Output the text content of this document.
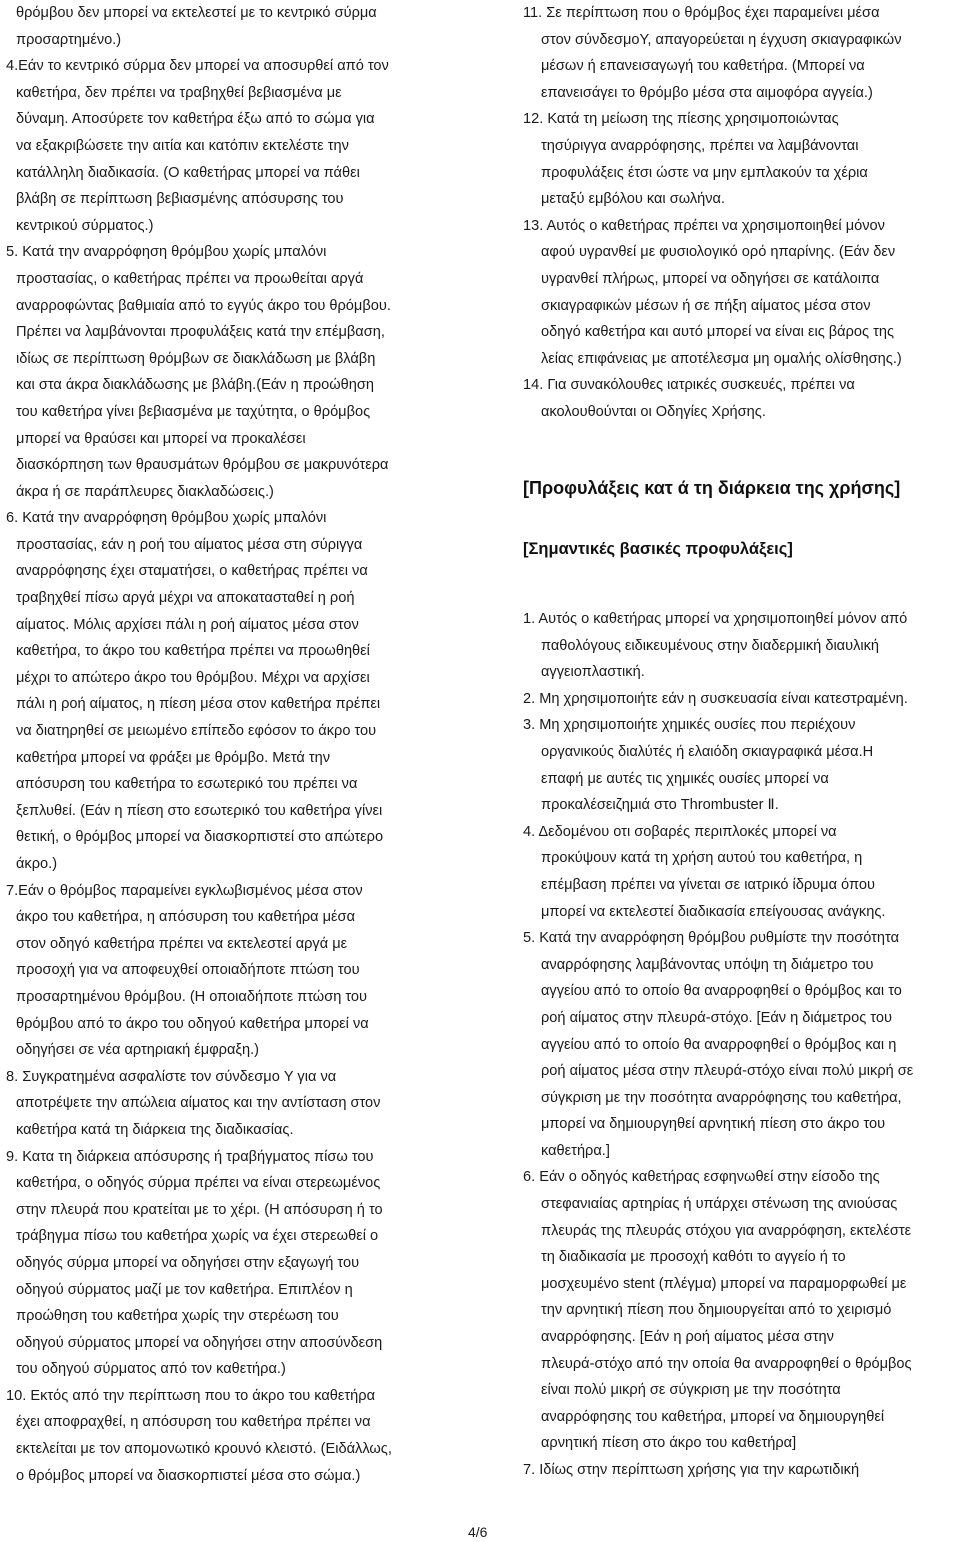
θρόμβου δεν μπορεί να εκτελεστεί με το κεντρικό σύρμα
προσαρτημένο.)
4.Εάν το κεντρικό σύρμα δεν μπορεί να αποσυρθεί από τον
καθετήρα, δεν πρέπει να τραβηχθεί βεβιασμένα με
δύναμη. Αποσύρετε τον καθετήρα έξω από το σώμα για
να εξακριβώσετε την αιτία και κατόπιν εκτελέστε την
κατάλληλη διαδικασία. (Ο καθετήρας μπορεί να πάθει
βλάβη σε περίπτωση βεβιασμένης απόσυρσης του
κεντρικού σύρματος.)
5. Κατά την αναρρόφηση θρόμβου χωρίς μπαλόνι
προστασίας, ο καθετήρας πρέπει να προωθείται αργά
αναρροφώντας βαθμιαία από το εγγύς άκρο του θρόμβου.
Πρέπει να λαμβάνονται προφυλάξεις κατά την επέμβαση,
ιδίως σε περίπτωση θρόμβων σε διακλάδωση με βλάβη
και στα άκρα διακλάδωσης με βλάβη.(Εάν η προώθηση
του καθετήρα γίνει βεβιασμένα με ταχύτητα, ο θρόμβος
μπορεί να θραύσει και μπορεί να προκαλέσει
διασκόρπηση των θραυσμάτων θρόμβου σε μακρυνότερα
άκρα ή σε παράπλευρες διακλαδώσεις.)
6. Κατά την αναρρόφηση θρόμβου χωρίς μπαλόνι
προστασίας, εάν η ροή του αίματος μέσα στη σύριγγα
αναρρόφησης έχει σταματήσει, ο καθετήρας πρέπει να
τραβηχθεί πίσω αργά μέχρι να αποκατασταθεί η ροή
αίματος. Μόλις αρχίσει πάλι η ροή αίματος μέσα στον
καθετήρα, το άκρο του καθετήρα πρέπει να προωθηθεί
μέχρι το απώτερο άκρο του θρόμβου. Μέχρι να αρχίσει
πάλι η ροή αίματος, η πίεση μέσα στον καθετήρα πρέπει
να διατηρηθεί σε μειωμένο επίπεδο εφόσον το άκρο του
καθετήρα μπορεί να φράξει με θρόμβο. Μετά την
απόσυρση του καθετήρα το εσωτερικό του πρέπει να
ξεπλυθεί. (Εάν η πίεση στο εσωτερικό του καθετήρα γίνει
θετική, ο θρόμβος μπορεί να διασκορπιστεί στο απώτερο
άκρο.)
7.Εάν ο θρόμβος παραμείνει εγκλωβισμένος μέσα στον
άκρο του καθετήρα, η απόσυρση του καθετήρα μέσα
στον οδηγό καθετήρα πρέπει να εκτελεστεί αργά με
προσοχή για να αποφευχθεί οποιαδήποτε πτώση του
προσαρτημένου θρόμβου. (Η οποιαδήποτε πτώση του
θρόμβου από το άκρο του οδηγού καθετήρα μπορεί να
οδηγήσει σε νέα αρτηριακή έμφραξη.)
8. Συγκρατημένα ασφαλίστε τον σύνδεσμο Y για να
αποτρέψετε την απώλεια αίματος και την αντίσταση στον
καθετήρα κατά τη διάρκεια της διαδικασίας.
9. Κατα τη διάρκεια απόσυρσης ή τραβήγματος πίσω του
καθετήρα, ο οδηγός σύρμα πρέπει να είναι στερεωμένος
στην πλευρά που κρατείται με το χέρι. (Η απόσυρση ή το
τράβηγμα πίσω του καθετήρα χωρίς να έχει στερεωθεί ο
οδηγός σύρμα μπορεί να οδηγήσει στην εξαγωγή του
οδηγού σύρματος μαζί με τον καθετήρα. Επιπλέον η
προώθηση του καθετήρα χωρίς την στερέωση του
οδηγού σύρματος μπορεί να οδηγήσει στην αποσύνδεση
του οδηγού σύρματος από τον καθετήρα.)
10. Εκτός από την περίπτωση που το άκρο του καθετήρα
έχει αποφραχθεί, η απόσυρση του καθετήρα πρέπει να
εκτελείται με τον απομονωτικό κρουνό κλειστό. (Ειδάλλως,
ο θρόμβος μπορεί να διασκορπιστεί μέσα στο σώμα.)
11. Σε περίπτωση που ο θρόμβος έχει παραμείνει μέσα
στον σύνδεσμοY, απαγορεύεται η έγχυση σκιαγραφικών
μέσων ή επανεισαγωγή του καθετήρα. (Μπορεί να
επανεισάγει το θρόμβο μέσα στα αιμοφόρα αγγεία.)
12. Κατά τη μείωση της πίεσης χρησιμοποιώντας
τησύριγγα αναρρόφησης, πρέπει να λαμβάνονται
προφυλάξεις έτσι ώστε να μην εμπλακούν τα χέρια
μεταξύ εμβόλου και σωλήνα.
13. Αυτός ο καθετήρας πρέπει να χρησιμοποιηθεί μόνον
αφού υγρανθεί με φυσιολογικό ορό ηπαρίνης. (Εάν δεν
υγρανθεί πλήρως, μπορεί να οδηγήσει σε κατάλοιπα
σκιαγραφικών μέσων ή σε πήξη αίματος μέσα στον
οδηγό καθετήρα και αυτό μπορεί να είναι εις βάρος της
λείας επιφάνειας με αποτέλεσμα μη ομαλής ολίσθησης.)
14. Για συνακόλουθες ιατρικές συσκευές, πρέπει να
ακολουθούνται οι Οδηγίες Χρήσης.
[Προφυλάξεις κατ ά τη διάρκεια της χρήσης]
[Σημαντικές βασικές προφυλάξεις]
1. Αυτός ο καθετήρας μπορεί να χρησιμοποιηθεί μόνον από
παθολόγους ειδικευμένους στην διαδερμική διαυλική
αγγειοπλαστική.
2. Μη χρησιμοποιήτε εάν η συσκευασία είναι κατεστραμένη.
3. Μη χρησιμοποιήτε χημικές ουσίες που περιέχουν
οργανικούς διαλύτές ή ελαιόδη σκιαγραφικά μέσα.Η
επαφή με αυτές τις χημικές ουσίες μπορεί να
προκαλέσειζημιά στο Thrombuster Ⅱ.
4. Δεδομένου οτι σοβαρές περιπλοκές μπορεί να
προκύψουν κατά τη χρήση αυτού του καθετήρα, η
επέμβαση πρέπει να γίνεται σε ιατρικό ίδρυμα όπου
μπορεί να εκτελεστεί διαδικασία επείγουσας ανάγκης.
5. Κατά την αναρρόφηση θρόμβου ρυθμίστε την ποσότητα
αναρρόφησης λαμβάνοντας υπόψη τη διάμετρο του
αγγείου από το οποίο θα αναρροφηθεί ο θρόμβος και το
ροή αίματος στην πλευρά-στόχο. [Εάν η διάμετρος του
αγγείου από το οποίο θα αναρροφηθεί ο θρόμβος και η
ροή αίματος μέσα στην πλευρά-στόχο είναι πολύ μικρή σε
σύγκριση με την ποσότητα αναρρόφησης του καθετήρα,
μπορεί να δημιουργηθεί αρνητική πίεση στο άκρο του
καθετήρα.]
6. Εάν ο οδηγός καθετήρας εσφηνωθεί στην είσοδο της
στεφανιαίας αρτηρίας ή υπάρχει στένωση της ανιούσας
πλευράς της πλευράς στόχου για αναρρόφηση, εκτελέστε
τη διαδικασία με προσοχή καθότι το αγγείο ή το
μοσχευμένο stent (πλέγμα) μπορεί να παραμορφωθεί με
την αρνητική πίεση που δημιουργείται από το χειρισμό
αναρρόφησης. [Εάν η ροή αίματος μέσα στην
πλευρά-στόχο από την οποία θα αναρροφηθεί ο θρόμβος
είναι πολύ μικρή σε σύγκριση με την ποσότητα
αναρρόφησης του καθετήρα, μπορεί να δημιουργηθεί
αρνητική πίεση στο άκρο του καθετήρα]
7. Ιδίως στην περίπτωση χρήσης για την καρωτιδική
4/6
